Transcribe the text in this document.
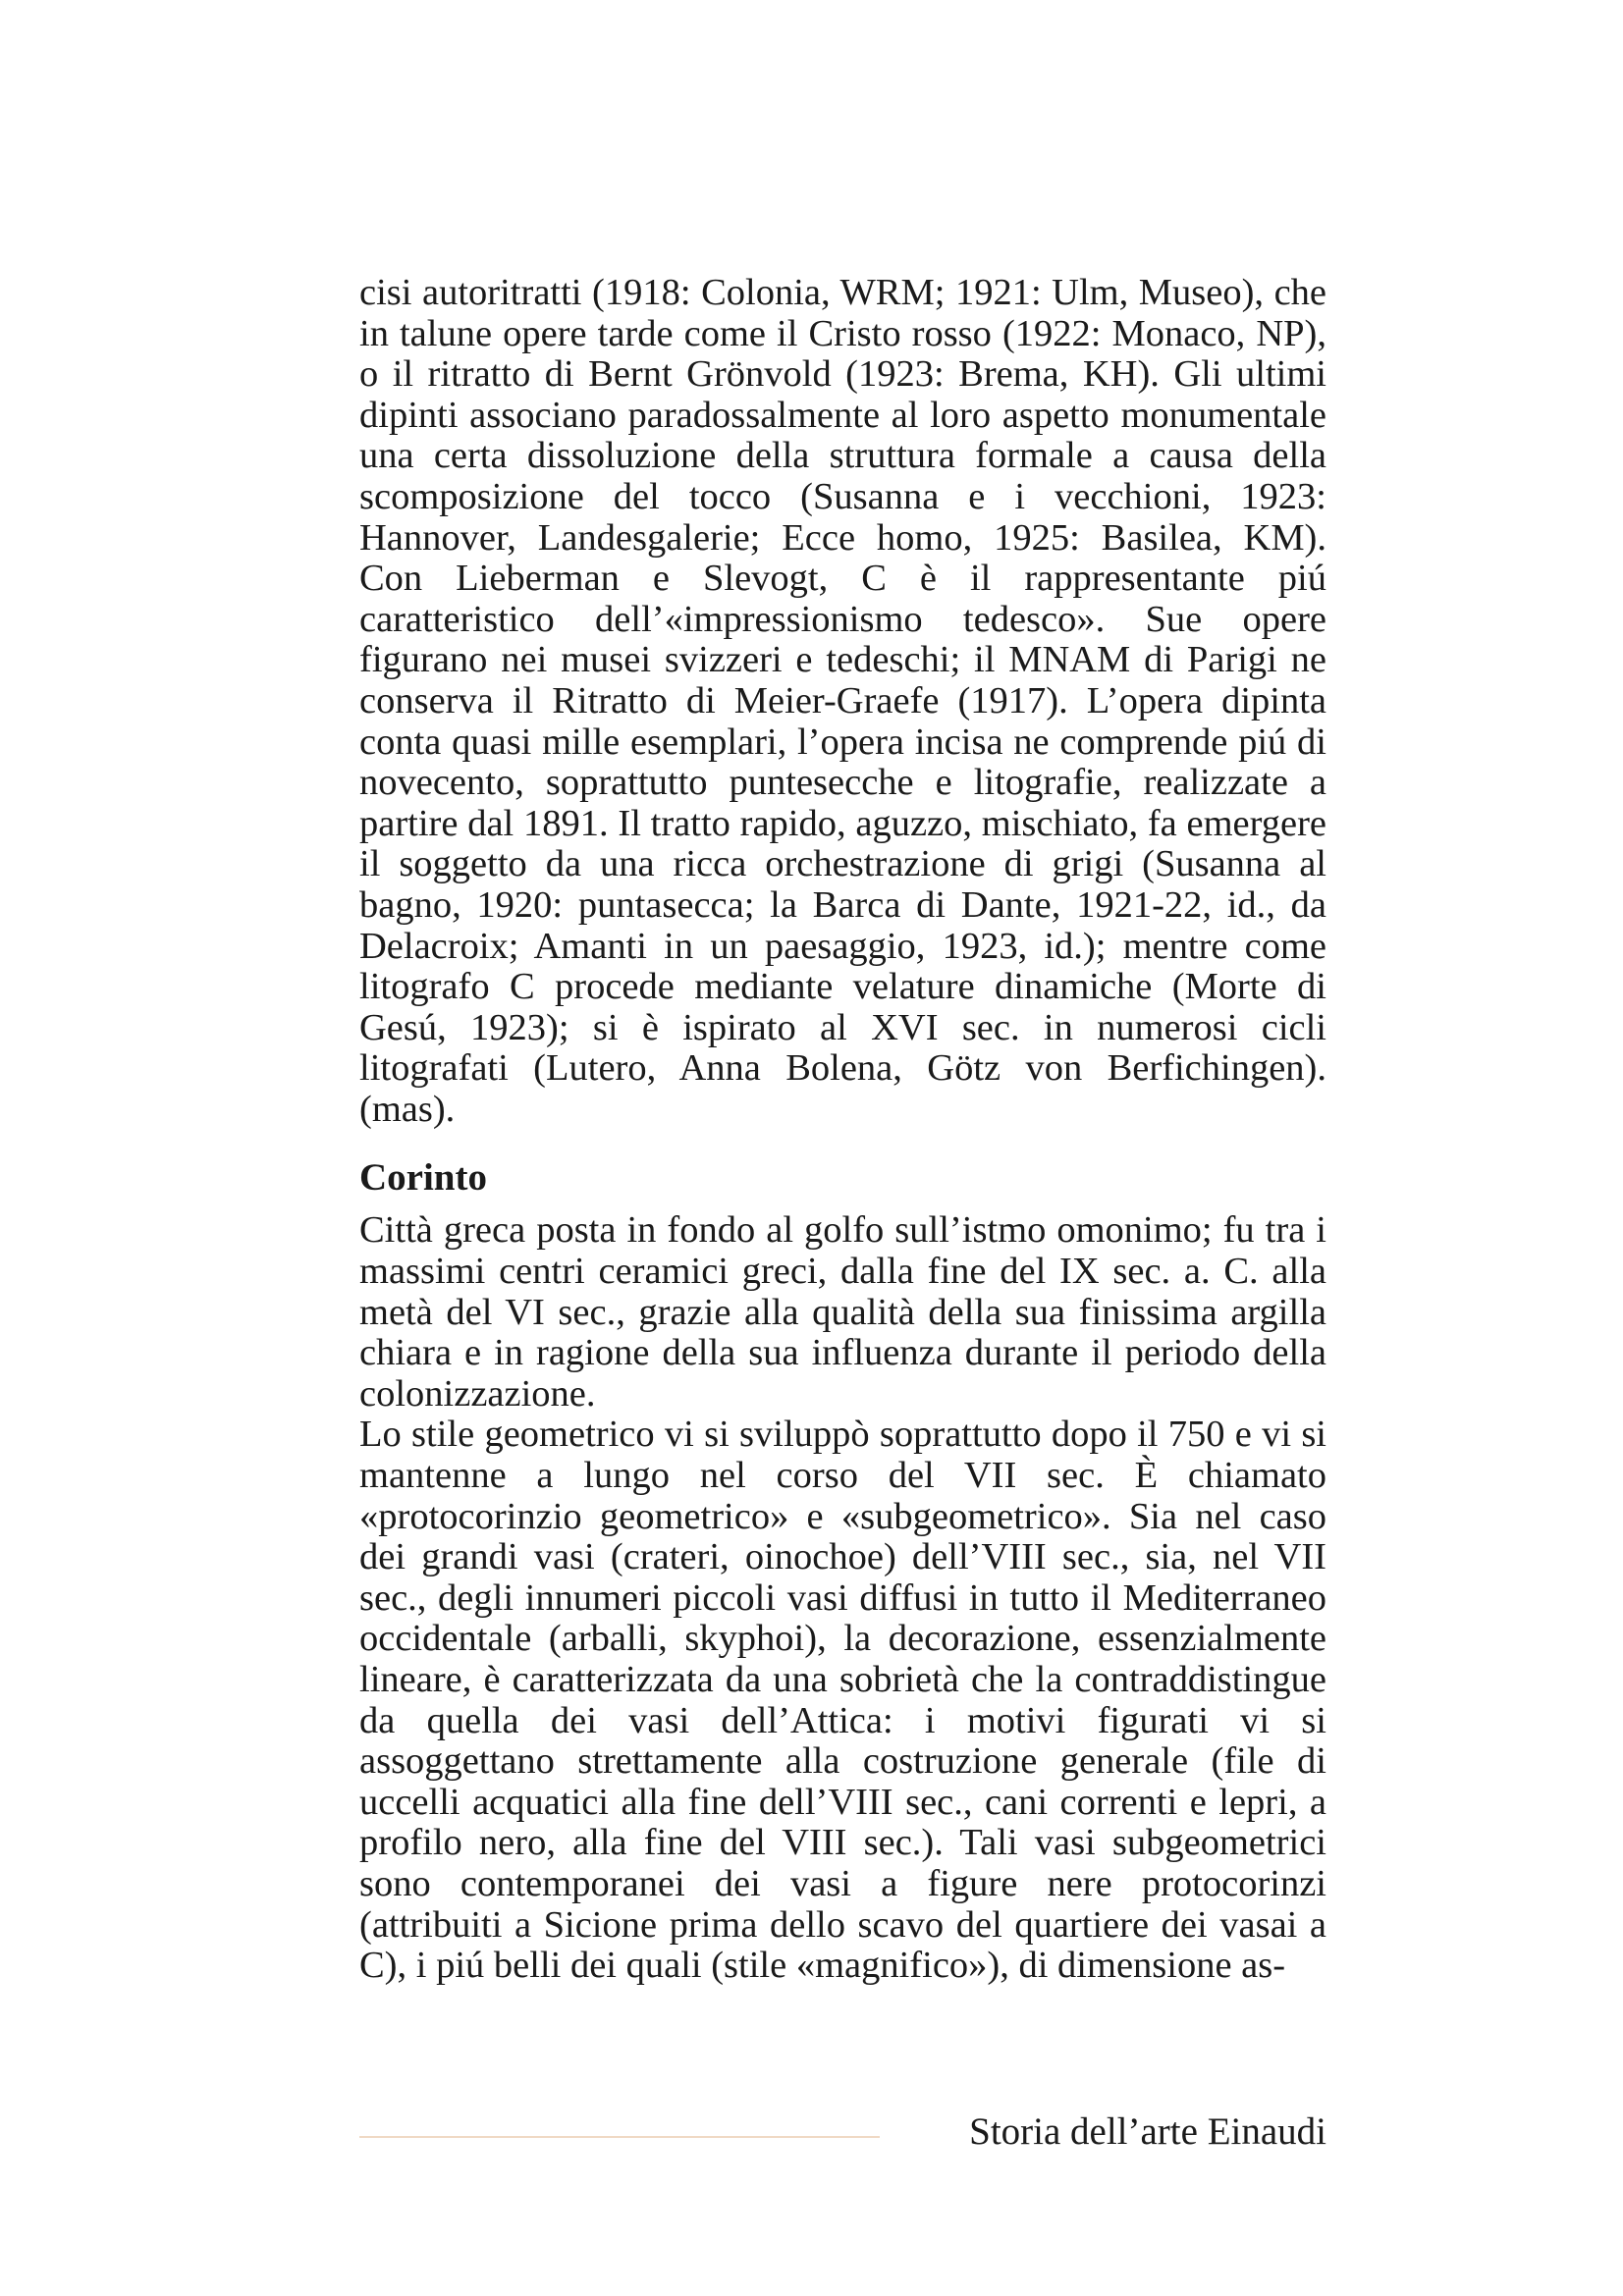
cisi autoritratti (1918: Colonia, WRM; 1921: Ulm, Museo), che in talune opere tarde come il Cristo rosso (1922: Monaco, NP), o il ritratto di Bernt Grönvold (1923: Brema, KH). Gli ultimi dipinti associano paradossalmente al loro aspetto monumentale una certa dissoluzione della struttura formale a causa della scomposizione del tocco (Susanna e i vecchioni, 1923: Hannover, Landesgalerie; Ecce homo, 1925: Basilea, KM). Con Lieberman e Slevogt, C è il rappresentante piú caratteristico dell’«impressionismo tedesco». Sue opere figurano nei musei svizzeri e tedeschi; il MNAM di Parigi ne conserva il Ritratto di Meier-Graefe (1917). L’opera dipinta conta quasi mille esemplari, l’opera incisa ne comprende piú di novecento, soprattutto puntesecche e litografie, realizzate a partire dal 1891. Il tratto rapido, aguzzo, mischiato, fa emergere il soggetto da una ricca orchestrazione di grigi (Susanna al bagno, 1920: puntasecca; la Barca di Dante, 1921-22, id., da Delacroix; Amanti in un paesaggio, 1923, id.); mentre come litografo C procede mediante velature dinamiche (Morte di Gesú, 1923); si è ispirato al XVI sec. in numerosi cicli litografati (Lutero, Anna Bolena, Götz von Berfichingen). (mas).

Corinto

Città greca posta in fondo al golfo sull’istmo omonimo; fu tra i massimi centri ceramici greci, dalla fine del IX sec. a. C. alla metà del VI sec., grazie alla qualità della sua finissima argilla chiara e in ragione della sua influenza durante il periodo della colonizzazione.

Lo stile geometrico vi si sviluppò soprattutto dopo il 750 e vi si mantenne a lungo nel corso del VII sec. È chiamato «protocorinzio geometrico» e «subgeometrico». Sia nel caso dei grandi vasi (crateri, oinochoe) dell’VIII sec., sia, nel VII sec., degli innumeri piccoli vasi diffusi in tutto il Mediterraneo occidentale (arballi, skyphoi), la decorazione, essenzialmente lineare, è caratterizzata da una sobrietà che la contraddistingue da quella dei vasi dell’Attica: i motivi figurati vi si assoggettano strettamente alla costruzione generale (file di uccelli acquatici alla fine dell’VIII sec., cani correnti e lepri, a profilo nero, alla fine del VIII sec.). Tali vasi subgeometrici sono contemporanei dei vasi a figure nere protocorinzi (attribuiti a Sicione prima dello scavo del quartiere dei vasai a C), i piú belli dei quali (stile «magnifico»), di dimensione as-

Storia dell’arte Einaudi
